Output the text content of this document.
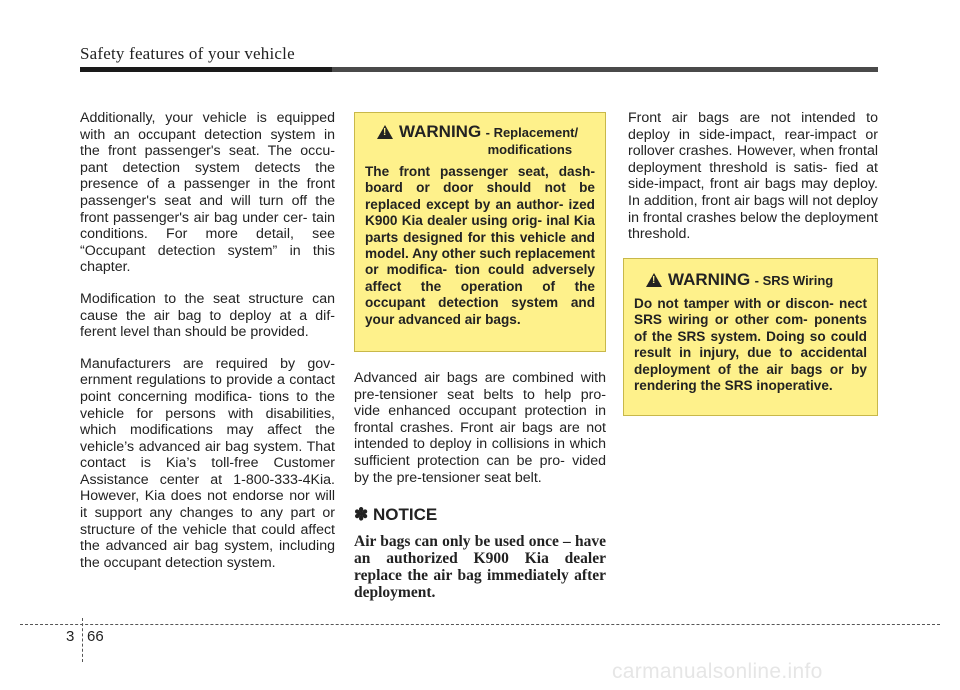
Safety features of your vehicle

Additionally, your vehicle is equipped with an occupant detection system in the front passenger's seat. The occu- pant detection system detects the presence of a passenger in the front passenger's seat and will turn off the front passenger's air bag under cer- tain conditions. For more detail, see “Occupant detection system” in this chapter.

Modification to the seat structure can cause the air bag to deploy at a dif- ferent level than should be provided.

Manufacturers are required by gov- ernment regulations to provide a contact point concerning modifica- tions to the vehicle for persons with disabilities, which modifications may affect the vehicle’s advanced air bag system. That contact is Kia’s toll-free Customer Assistance center at 1-800-333-4Kia. However, Kia does not endorse nor will it support any changes to any part or structure of the vehicle that could affect the advanced air bag system, including the occupant detection system.

! WARNING - Replacement/
modifications
The front passenger seat, dash- board or door should not be replaced except by an author- ized K900 Kia dealer using orig- inal Kia parts designed for this vehicle and model. Any other such replacement or modifica- tion could adversely affect the operation of the occupant detection system and your advanced air bags.

Advanced air bags are combined with pre-tensioner seat belts to help pro- vide enhanced occupant protection in frontal crashes. Front air bags are not intended to deploy in collisions in which sufficient protection can be pro- vided by the pre-tensioner seat belt.

✽ NOTICE
Air bags can only be used once – have an authorized K900 Kia dealer replace the air bag immediately after deployment.

Front air bags are not intended to deploy in side-impact, rear-impact or rollover crashes. However, when frontal deployment threshold is satis- fied at side-impact, front air bags may deploy. In addition, front air bags will not deploy in frontal crashes below the deployment threshold.

! WARNING - SRS Wiring
Do not tamper with or discon- nect SRS wiring or other com- ponents of the SRS system. Doing so could result in injury, due to accidental deployment of the air bags or by rendering the SRS inoperative.
3 66
carmanualsonline.info
